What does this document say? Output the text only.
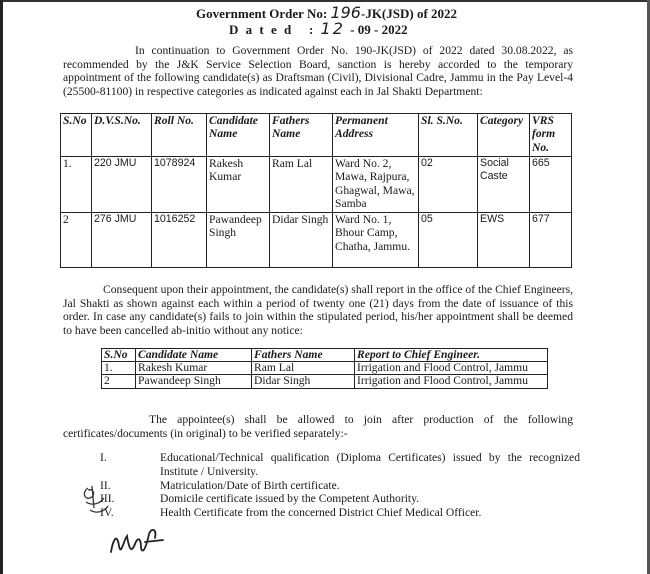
Government Order No: 196-JK(JSD) of 2022
D a t e d   : 12 - 09 - 2022
In continuation to Government Order No. 190-JK(JSD) of 2022 dated 30.08.2022, as recommended by the J&K Service Selection Board, sanction is hereby accorded to the temporary appointment of the following candidate(s) as Draftsman (Civil), Divisional Cadre, Jammu in the Pay Level-4 (25500-81100) in respective categories as indicated against each in Jal Shakti Department:
S.No	D.V.S.No.	Roll No.	Candidate Name	Fathers Name	Permanent Address	Sl. S.No.	Category	VRS form No.
1.	220 JMU	1078924	Rakesh Kumar	Ram Lal	Ward No. 2, Mawa, Rajpura, Ghagwal, Mawa, Samba	02	Social Caste	665
2	276 JMU	1016252	Pawandeep Singh	Didar Singh	Ward No. 1, Bhour Camp, Chatha, Jammu.	05	EWS	677
Consequent upon their appointment, the candidate(s) shall report in the office of the Chief Engineers, Jal Shakti as shown against each within a period of twenty one (21) days from the date of issuance of this order. In case any candidate(s) fails to join within the stipulated period, his/her appointment shall be deemed to have been cancelled ab-initio without any notice:
S.No	Candidate Name	Fathers Name	Report to Chief Engineer.
1.	Rakesh Kumar	Ram Lal	Irrigation and Flood Control, Jammu
2	Pawandeep Singh	Didar Singh	Irrigation and Flood Control, Jammu
The appointee(s) shall be allowed to join after production of the following certificates/documents (in original) to be verified separately:-
I.	Educational/Technical qualification (Diploma Certificates) issued by the recognized Institute / University.
II.	Matriculation/Date of Birth certificate.
III.	Domicile certificate issued by the Competent Authority.
IV.	Health Certificate from the concerned District Chief Medical Officer.
